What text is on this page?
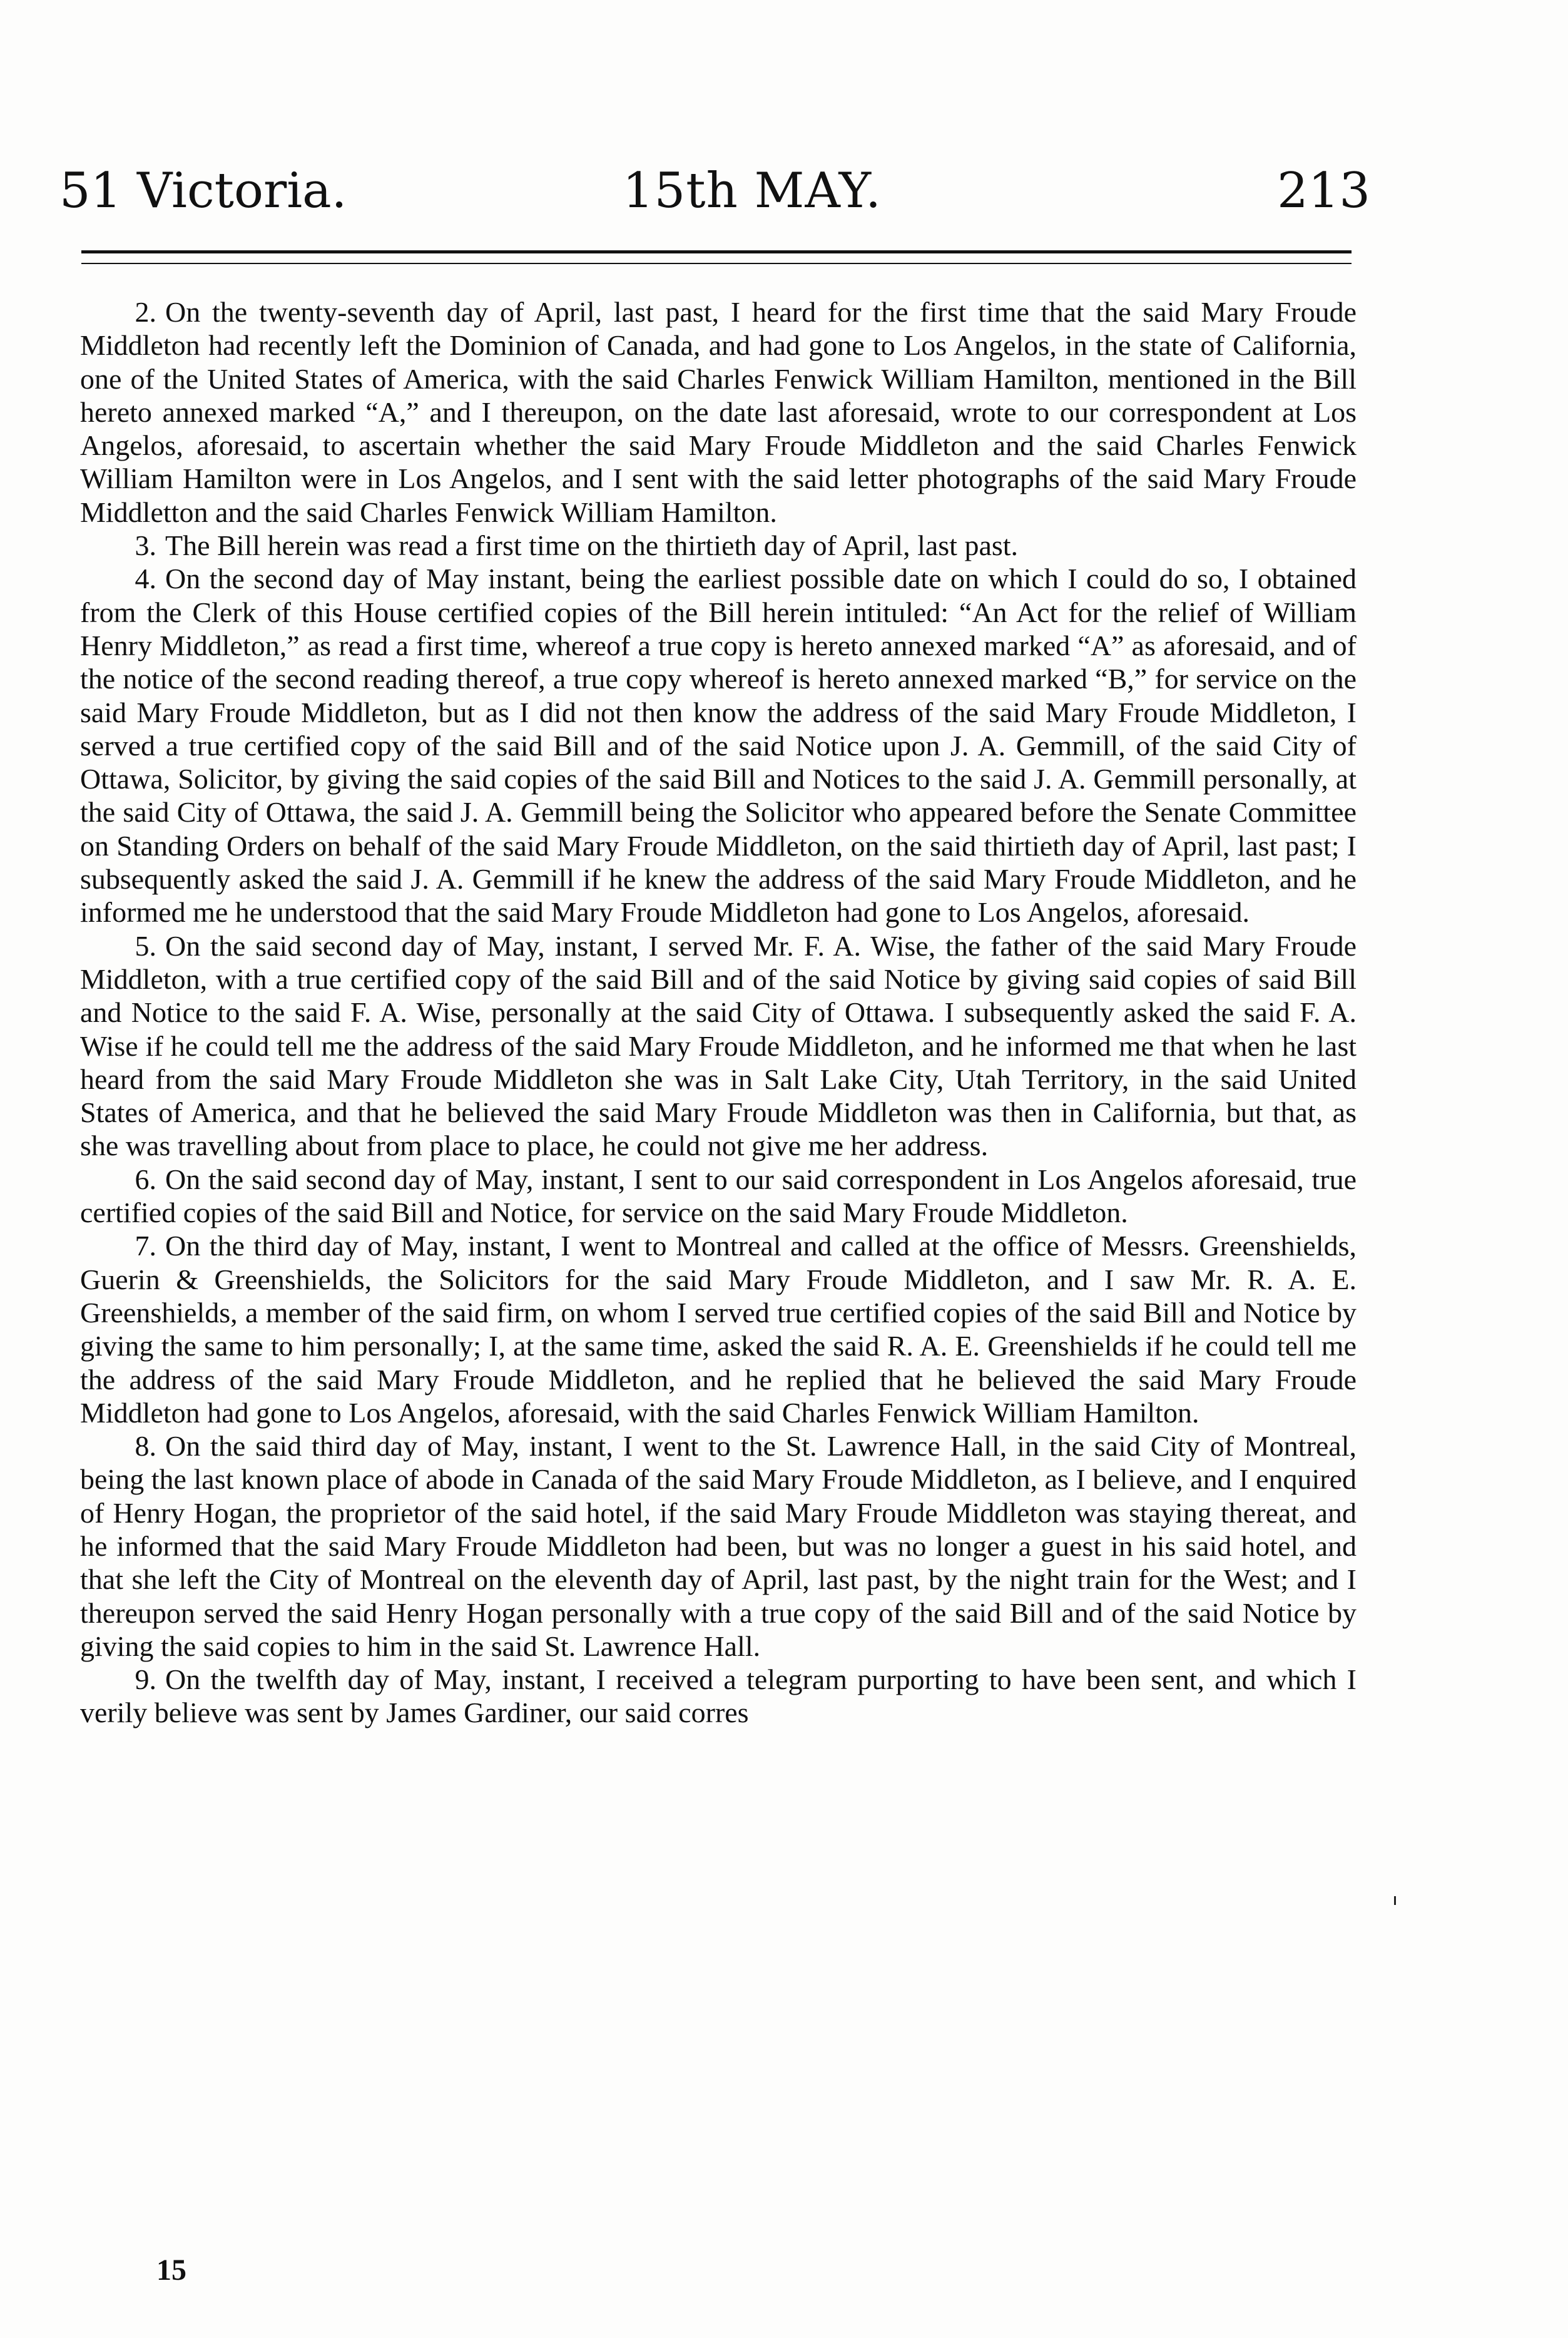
51 Victoria.	15th MAY.	213

2. On the twenty-seventh day of April, last past, I heard for the first time that the said Mary Froude Middleton had recently left the Dominion of Canada, and had gone to Los Angelos, in the state of California, one of the United States of America, with the said Charles Fenwick William Hamilton, mentioned in the Bill hereto annexed marked “A,” and I thereupon, on the date last aforesaid, wrote to our correspondent at Los Angelos, aforesaid, to ascertain whether the said Mary Froude Middleton and the said Charles Fenwick William Hamilton were in Los Angelos, and I sent with the said letter photographs of the said Mary Froude Middletton and the said Charles Fenwick William Hamilton.

3. The Bill herein was read a first time on the thirtieth day of April, last past.

4. On the second day of May instant, being the earliest possible date on which I could do so, I obtained from the Clerk of this House certified copies of the Bill herein intituled: “An Act for the relief of William Henry Middleton,” as read a first time, whereof a true copy is hereto annexed marked “A” as aforesaid, and of the notice of the second reading thereof, a true copy whereof is hereto annexed marked “B,” for service on the said Mary Froude Middleton, but as I did not then know the address of the said Mary Froude Middleton, I served a true certified copy of the said Bill and of the said Notice upon J. A. Gemmill, of the said City of Ottawa, Solicitor, by giving the said copies of the said Bill and Notices to the said J. A. Gemmill personally, at the said City of Ottawa, the said J. A. Gemmill being the Solicitor who appeared before the Senate Committee on Standing Orders on behalf of the said Mary Froude Middleton, on the said thirtieth day of April, last past; I subsequently asked the said J. A. Gemmill if he knew the address of the said Mary Froude Middleton, and he informed me he understood that the said Mary Froude Middleton had gone to Los Angelos, aforesaid.

5. On the said second day of May, instant, I served Mr. F. A. Wise, the father of the said Mary Froude Middleton, with a true certified copy of the said Bill and of the said Notice by giving said copies of said Bill and Notice to the said F. A. Wise, personally at the said City of Ottawa. I subsequently asked the said F. A. Wise if he could tell me the address of the said Mary Froude Middleton, and he informed me that when he last heard from the said Mary Froude Middleton she was in Salt Lake City, Utah Territory, in the said United States of America, and that he believed the said Mary Froude Middleton was then in California, but that, as she was travelling about from place to place, he could not give me her address.

6. On the said second day of May, instant, I sent to our said correspondent in Los Angelos aforesaid, true certified copies of the said Bill and Notice, for service on the said Mary Froude Middleton.

7. On the third day of May, instant, I went to Montreal and called at the office of Messrs. Greenshields, Guerin & Greenshields, the Solicitors for the said Mary Froude Middleton, and I saw Mr. R. A. E. Greenshields, a member of the said firm, on whom I served true certified copies of the said Bill and Notice by giving the same to him personally; I, at the same time, asked the said R. A. E. Greenshields if he could tell me the address of the said Mary Froude Middleton, and he replied that he believed the said Mary Froude Middleton had gone to Los Angelos, aforesaid, with the said Charles Fenwick William Hamilton.

8. On the said third day of May, instant, I went to the St. Lawrence Hall, in the said City of Montreal, being the last known place of abode in Canada of the said Mary Froude Middleton, as I believe, and I enquired of Henry Hogan, the proprietor of the said hotel, if the said Mary Froude Middleton was staying thereat, and he informed that the said Mary Froude Middleton had been, but was no longer a guest in his said hotel, and that she left the City of Montreal on the eleventh day of April, last past, by the night train for the West; and I thereupon served the said Henry Hogan personally with a true copy of the said Bill and of the said Notice by giving the said copies to him in the said St. Lawrence Hall.

9. On the twelfth day of May, instant, I received a telegram purporting to have been sent, and which I verily believe was sent by James Gardiner, our said corres

15
